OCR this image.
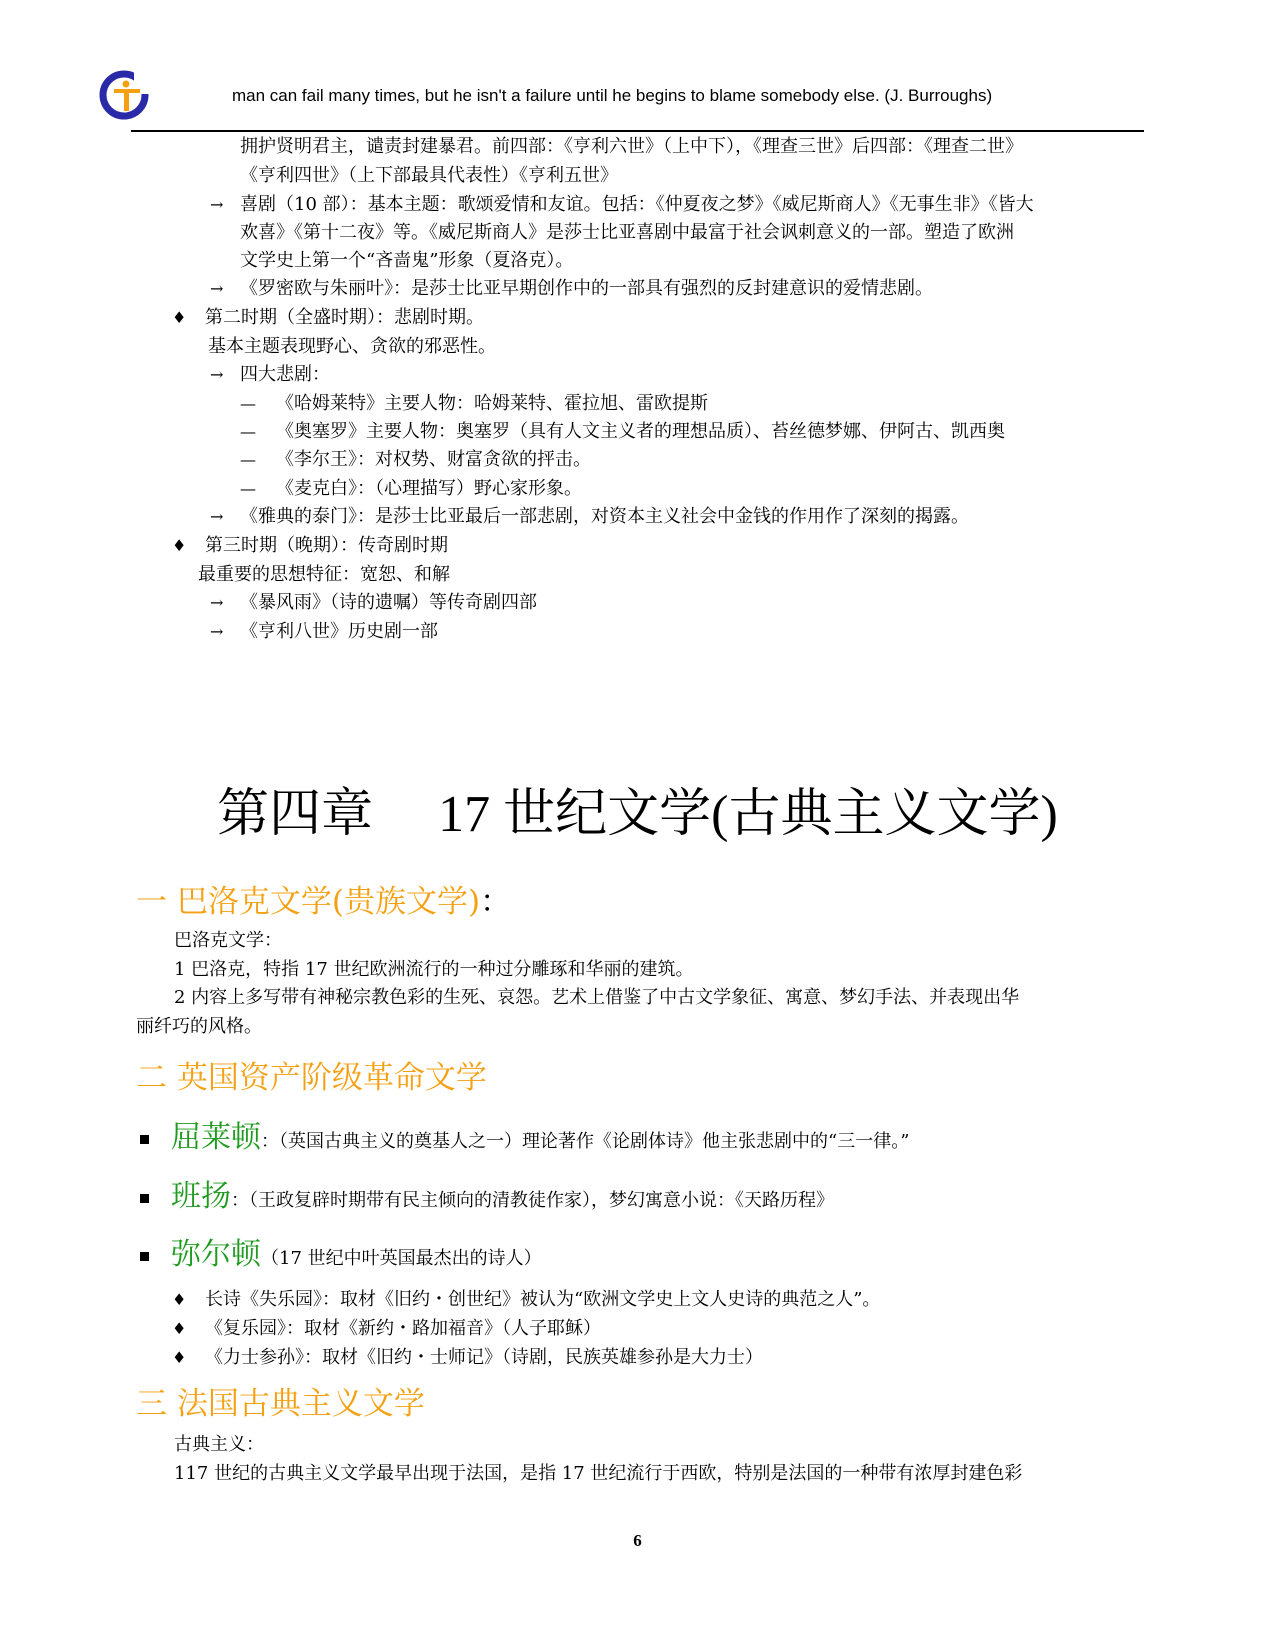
man can fail many times, but he isn't a failure until he begins to blame somebody else. (J. Burroughs)
拥护贤明君主，谴责封建暴君。前四部：《亨利六世》（上中下），《理查三世》后四部：《理查二世》
《亨利四世》（上下部最具代表性）《亨利五世》
→ 喜剧（10 部）：基本主题：歌颂爱情和友谊。包括：《仲夏夜之梦》《威尼斯商人》《无事生非》《皆大
欢喜》《第十二夜》等。《威尼斯商人》是莎士比亚喜剧中最富于社会讽刺意义的一部。塑造了欧洲
文学史上第一个“吝啬鬼”形象（夏洛克）。
→ 《罗密欧与朱丽叶》：是莎士比亚早期创作中的一部具有强烈的反封建意识的爱情悲剧。
♦ 第二时期（全盛时期）：悲剧时期。
基本主题表现野心、贪欲的邪恶性。
→ 四大悲剧：
— 《哈姆莱特》主要人物：哈姆莱特、霍拉旭、雷欧提斯
— 《奥塞罗》主要人物：奥塞罗（具有人文主义者的理想品质）、苔丝德梦娜、伊阿古、凯西奥
— 《李尔王》：对权势、财富贪欲的抨击。
— 《麦克白》：（心理描写）野心家形象。
→ 《雅典的泰门》：是莎士比亚最后一部悲剧，对资本主义社会中金钱的作用作了深刻的揭露。
♦ 第三时期（晚期）：传奇剧时期
最重要的思想特征：宽恕、和解
→ 《暴风雨》（诗的遗嘱）等传奇剧四部
→ 《亨利八世》历史剧一部
第四章　 17 世纪文学(古典主义文学)
一 巴洛克文学(贵族文学)：
巴洛克文学：
1 巴洛克，特指 17 世纪欧洲流行的一种过分雕琢和华丽的建筑。
2 内容上多写带有神秘宗教色彩的生死、哀怨。艺术上借鉴了中古文学象征、寓意、梦幻手法、并表现出华
丽纤巧的风格。
二 英国资产阶级革命文学
屈莱顿：（英国古典主义的奠基人之一）理论著作《论剧体诗》他主张悲剧中的“三一律。”
班扬：（王政复辟时期带有民主倾向的清教徒作家），梦幻寓意小说：《天路历程》
弥尔顿（17 世纪中叶英国最杰出的诗人）
♦ 长诗《失乐园》：取材《旧约・创世纪》被认为“欧洲文学史上文人史诗的典范之人”。
♦ 《复乐园》：取材《新约・路加福音》（人子耶稣）
♦ 《力士参孙》：取材《旧约・士师记》（诗剧，民族英雄参孙是大力士）
三 法国古典主义文学
古典主义：
117 世纪的古典主义文学最早出现于法国，是指 17 世纪流行于西欧，特别是法国的一种带有浓厚封建色彩
6
